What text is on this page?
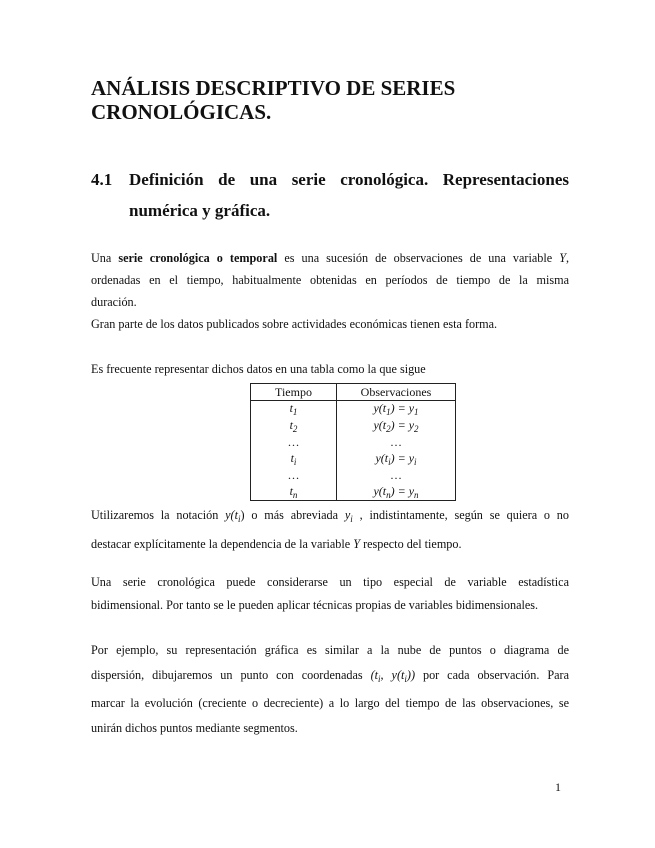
ANÁLISIS DESCRIPTIVO DE SERIES CRONOLÓGICAS.
4.1 Definición de una serie cronológica. Representaciones
numérica y gráfica.

Una serie cronológica o temporal es una sucesión de observaciones de una variable Y,
ordenadas en el tiempo, habitualmente obtenidas en períodos de tiempo de la misma
duración.
Gran parte de los datos publicados sobre actividades económicas tienen esta forma.

Es frecuente representar dichos datos en una tabla como la que sigue

Tiempo	Observaciones
$t_1$	$y(t_1) = y_1$
$t_2$	$y(t_2) = y_2$
…	…
$t_i$	$y(t_i) = y_i$
…	…
$t_n$	$y(t_n) = y_n$

Utilizaremos la notación $y(t_i)$ o más abreviada $y_i$ , indistintamente, según se quiera o no
destacar explícitamente la dependencia de la variable Y respecto del tiempo.

Una serie cronológica puede considerarse un tipo especial de variable estadística
bidimensional. Por tanto se le pueden aplicar técnicas propias de variables bidimensionales.

Por ejemplo, su representación gráfica es similar a la nube de puntos o diagrama de
dispersión, dibujaremos un punto con coordenadas ($t_i$, $y(t_i)$) por cada observación. Para
marcar la evolución (creciente o decreciente) a lo largo del tiempo de las observaciones, se
unirán dichos puntos mediante segmentos.

1
